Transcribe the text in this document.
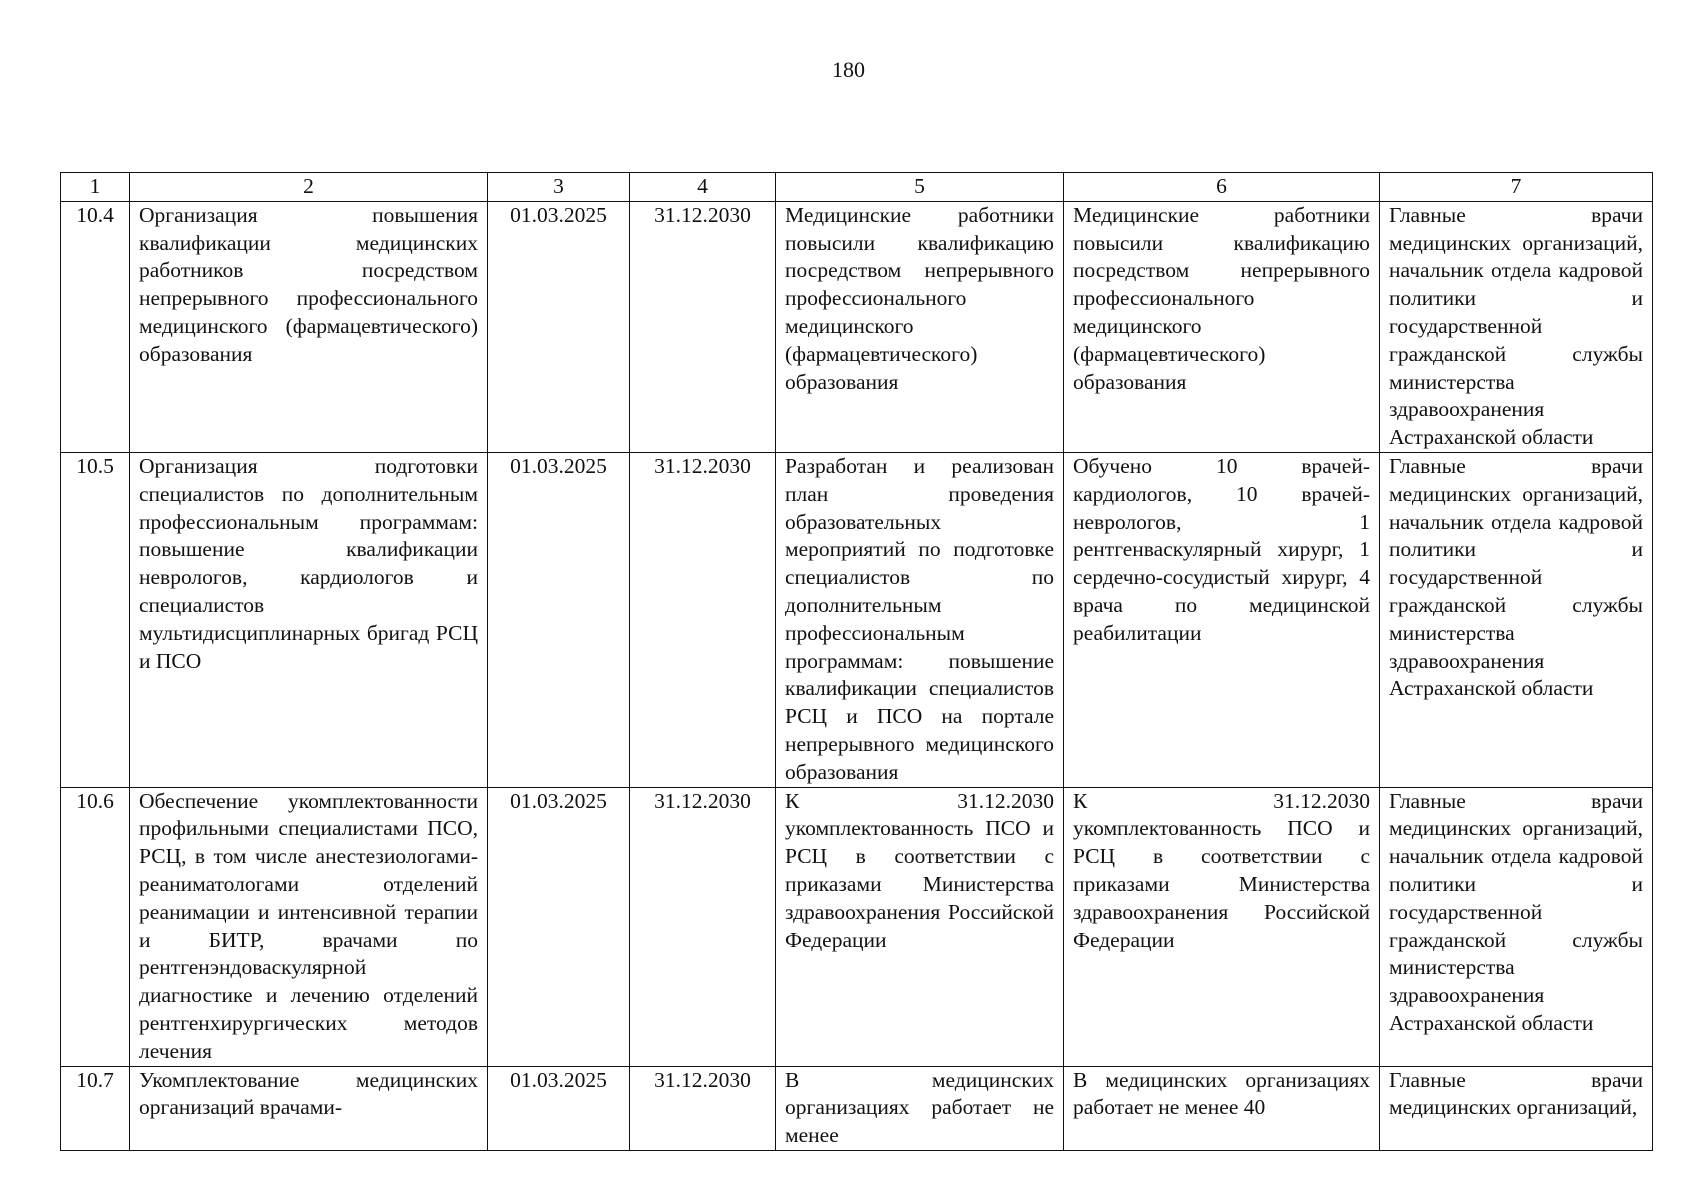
180
1	2	3	4	5	6	7
10.4	Организация повышения квалификации медицинских работников посредством непрерывного профессионального медицинского (фармацевтического) образования	01.03.2025	31.12.2030	Медицинские работники повысили квалификацию посредством непрерывного профессионального медицинского (фармацевтического) образования	Медицинские работники повысили квалификацию посредством непрерывного профессионального медицинского (фармацевтического) образования	Главные врачи медицинских организаций, начальник отдела кадровой политики и государственной гражданской службы министерства здравоохранения Астраханской области
10.5	Организация подготовки специалистов по дополнительным профессиональным программам: повышение квалификации неврологов, кардиологов и специалистов мультидисциплинарных бригад РСЦ и ПСО	01.03.2025	31.12.2030	Разработан и реализован план проведения образовательных мероприятий по подготовке специалистов по дополнительным профессиональным программам: повышение квалификации специалистов РСЦ и ПСО на портале непрерывного медицинского образования	Обучено 10 врачей-кардиологов, 10 врачей-неврологов, 1 рентгенваскулярный хирург, 1 сердечно-сосудистый хирург, 4 врача по медицинской реабилитации	Главные врачи медицинских организаций, начальник отдела кадровой политики и государственной гражданской службы министерства здравоохранения Астраханской области
10.6	Обеспечение укомплектованности профильными специалистами ПСО, РСЦ, в том числе анестезиологами-реаниматологами отделений реанимации и интенсивной терапии и БИТР, врачами по рентгенэндоваскулярной диагностике и лечению отделений рентгенхирургических методов лечения	01.03.2025	31.12.2030	К 31.12.2030 укомплектованность ПСО и РСЦ в соответствии с приказами Министерства здравоохранения Российской Федерации	К 31.12.2030 укомплектованность ПСО и РСЦ в соответствии с приказами Министерства здравоохранения Российской Федерации	Главные врачи медицинских организаций, начальник отдела кадровой политики и государственной гражданской службы министерства здравоохранения Астраханской области
10.7	Укомплектование медицинских организаций врачами-	01.03.2025	31.12.2030	В медицинских организациях работает не менее	В медицинских организациях работает не менее 40	Главные врачи медицинских организаций,
